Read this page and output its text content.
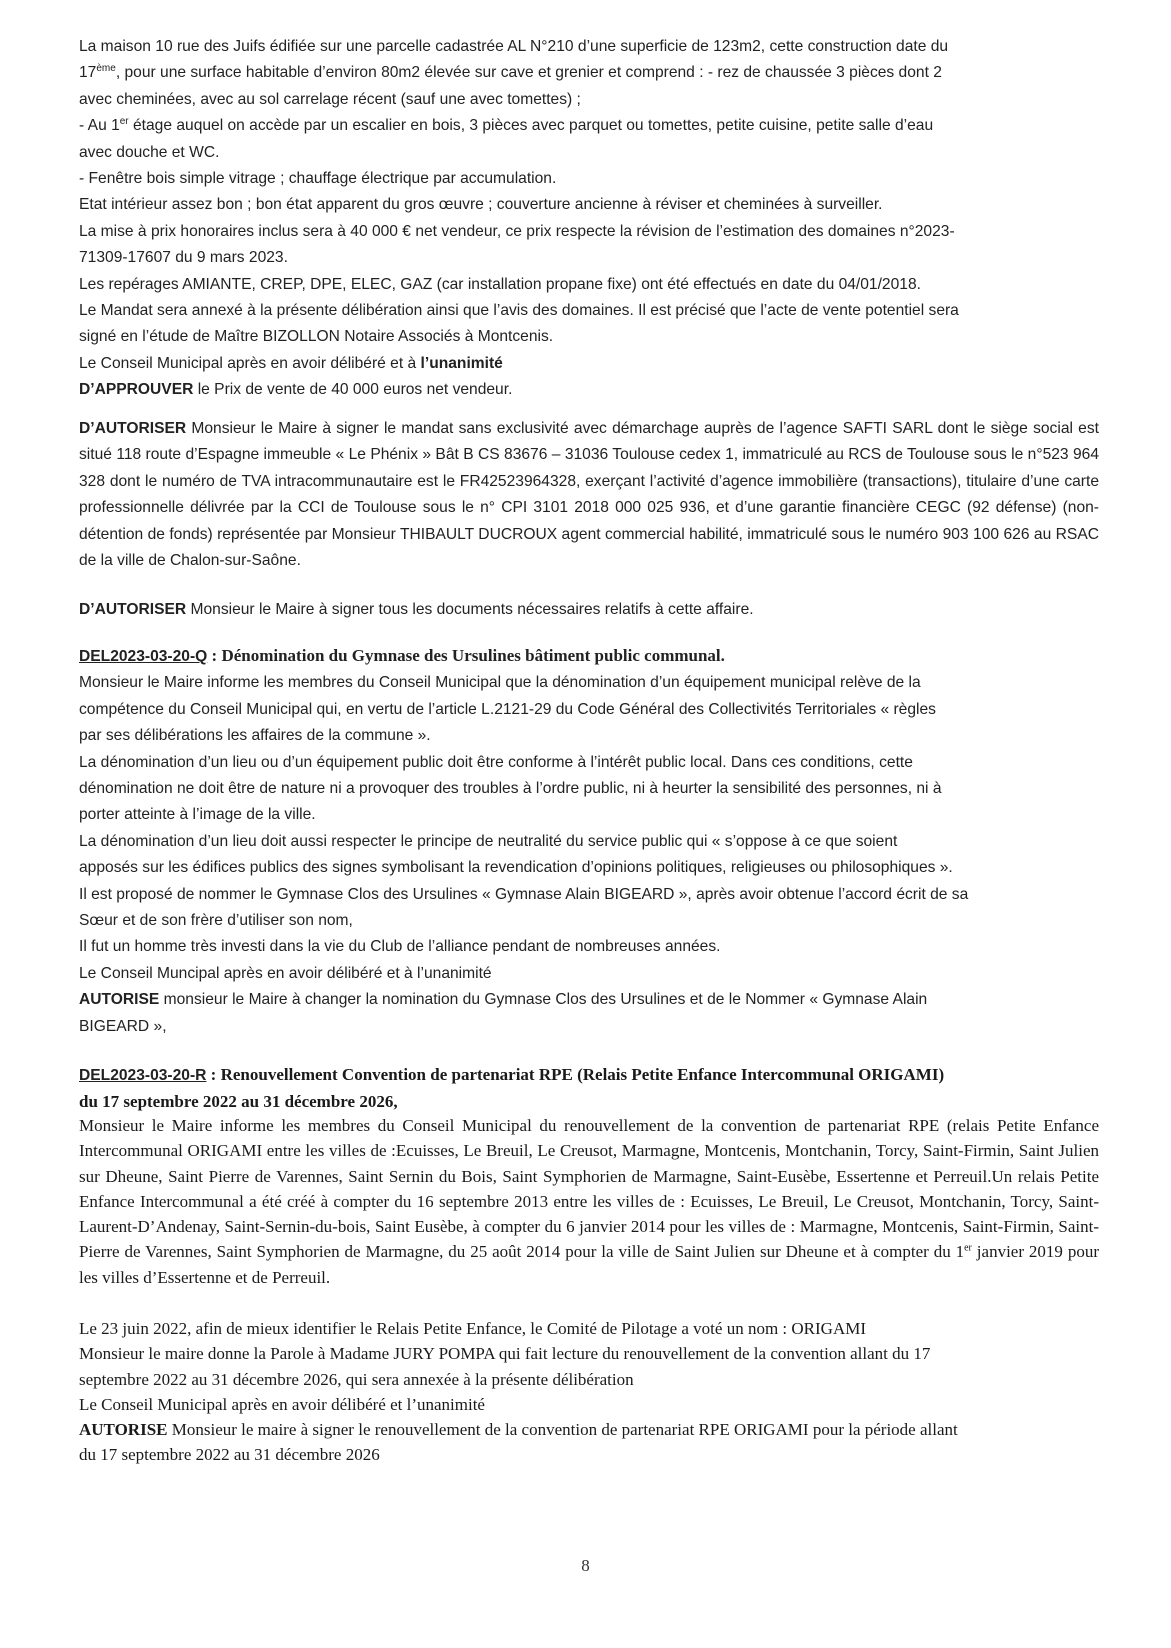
La maison 10 rue des Juifs édifiée sur une parcelle cadastrée AL N°210 d’une superficie de 123m2, cette construction date du

17ème, pour une surface habitable d’environ 80m2 élevée sur cave et grenier et comprend : - rez de chaussée 3 pièces dont 2

avec cheminées, avec au sol carrelage récent (sauf une avec tomettes) ;

- Au 1er étage auquel on accède par un escalier en bois, 3 pièces avec parquet ou tomettes, petite cuisine, petite salle d’eau

avec douche et WC.

- Fenêtre bois simple vitrage ; chauffage électrique par accumulation.

Etat intérieur assez bon ; bon état apparent du gros œuvre ; couverture ancienne à réviser et cheminées à surveiller.

La mise à prix honoraires inclus sera à 40 000 € net vendeur, ce prix respecte la révision de l’estimation des domaines n°2023-

71309-17607 du 9 mars 2023.

Les repérages AMIANTE, CREP, DPE, ELEC, GAZ (car installation propane fixe) ont été effectués en date du 04/01/2018.

Le Mandat sera annexé à la présente délibération ainsi que l’avis des domaines. Il est précisé que l’acte de vente potentiel sera

signé en l’étude de Maître BIZOLLON Notaire Associés à Montcenis.

Le Conseil Municipal après en avoir délibéré et à l’unanimité

D’APPROUVER le Prix de vente de 40 000 euros net vendeur.

D’AUTORISER Monsieur le Maire à signer le mandat sans exclusivité avec démarchage auprès de l’agence SAFTI SARL dont le siège social est situé 118 route d’Espagne immeuble « Le Phénix » Bât B CS 83676 – 31036 Toulouse cedex 1, immatriculé au RCS de Toulouse sous le n°523 964 328 dont le numéro de TVA intracommunautaire est le FR42523964328, exerçant l’activité d’agence immobilière (transactions), titulaire d’une carte professionnelle délivrée par la CCI de Toulouse sous le n° CPI 3101 2018 000 025 936, et d’une garantie financière CEGC (92 défense) (non-détention de fonds) représentée par Monsieur THIBAULT DUCROUX agent commercial habilité, immatriculé sous le numéro 903 100 626 au RSAC de la ville de Chalon-sur-Saône.

D’AUTORISER Monsieur le Maire à signer tous les documents nécessaires relatifs à cette affaire.

DEL2023-03-20-Q : Dénomination du Gymnase des Ursulines bâtiment public communal.

Monsieur le Maire informe les membres du Conseil Municipal que la dénomination d’un équipement municipal relève de la

compétence du Conseil Municipal qui, en vertu de l’article L.2121-29 du Code Général des Collectivités Territoriales « règles

par ses délibérations les affaires de la commune ».

La dénomination d’un lieu ou d’un équipement public doit être conforme à l’intérêt public local. Dans ces conditions, cette

dénomination ne doit être de nature ni a provoquer des troubles à l’ordre public, ni à heurter la sensibilité des personnes, ni à

porter atteinte à l’image de la ville.

La dénomination d’un lieu doit aussi respecter le principe de neutralité du service public qui « s’oppose à ce que soient

apposés sur les édifices publics des signes symbolisant la revendication d’opinions politiques, religieuses ou philosophiques ».

Il est proposé de nommer le Gymnase Clos des Ursulines « Gymnase Alain BIGEARD », après avoir obtenue l’accord écrit de sa

Sœur et de son frère d’utiliser son nom,

Il fut un homme très investi dans la vie du Club de l’alliance pendant de nombreuses années.

Le Conseil Muncipal après en avoir délibéré et à l’unanimité

AUTORISE monsieur le Maire à changer la nomination du Gymnase Clos des Ursulines et de le Nommer « Gymnase Alain

BIGEARD »,

DEL2023-03-20-R : Renouvellement Convention de partenariat RPE (Relais Petite Enfance Intercommunal ORIGAMI)

du 17 septembre 2022 au 31 décembre 2026,

Monsieur le Maire informe les membres du Conseil Municipal du renouvellement de la convention de partenariat RPE (relais Petite Enfance Intercommunal ORIGAMI entre les villes de :Ecuisses, Le Breuil, Le Creusot, Marmagne, Montcenis, Montchanin, Torcy, Saint-Firmin, Saint Julien sur Dheune, Saint Pierre de Varennes, Saint Sernin du Bois, Saint Symphorien de Marmagne, Saint-Eusèbe, Essertenne et Perreuil.Un relais Petite Enfance Intercommunal a été créé à compter du 16 septembre 2013 entre les villes de : Ecuisses, Le Breuil, Le Creusot, Montchanin, Torcy, Saint-Laurent-D’Andenay, Saint-Sernin-du-bois, Saint Eusèbe, à compter du 6 janvier 2014 pour les villes de : Marmagne, Montcenis, Saint-Firmin, Saint-Pierre de Varennes, Saint Symphorien de Marmagne, du 25 août 2014 pour la ville de Saint Julien sur Dheune et à compter du 1er janvier 2019 pour les villes d’Essertenne et de Perreuil.

Le 23 juin 2022, afin de mieux identifier le Relais Petite Enfance, le Comité de Pilotage a voté un nom : ORIGAMI

Monsieur le maire donne la Parole à Madame JURY POMPA qui fait lecture du renouvellement de la convention allant du 17

septembre 2022 au 31 décembre 2026, qui sera annexée à la présente délibération

Le Conseil Municipal après en avoir délibéré et l’unanimité

AUTORISE Monsieur le maire à signer le renouvellement de la convention de partenariat RPE ORIGAMI pour la période allant

du 17 septembre 2022 au 31 décembre 2026

8
